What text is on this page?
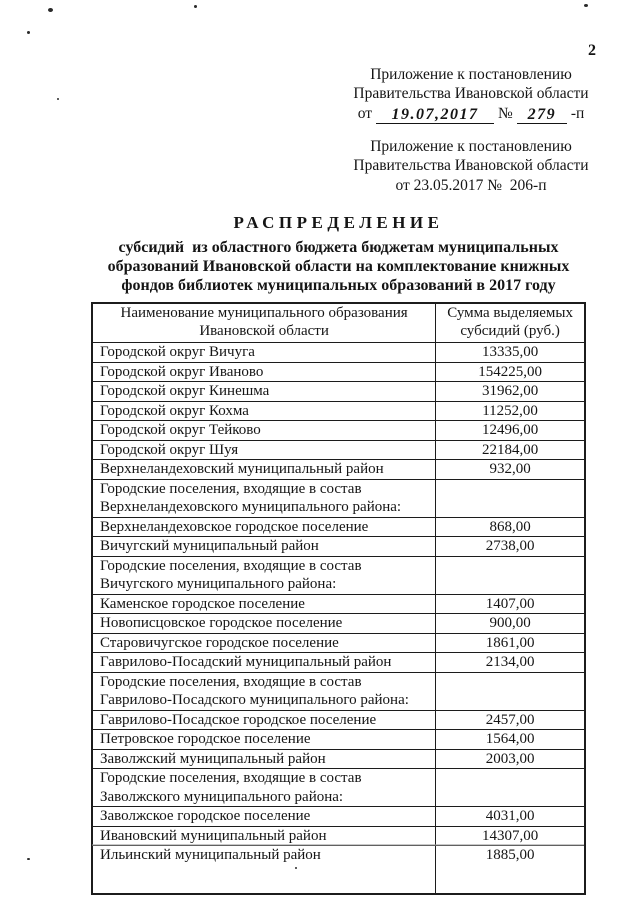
2
Приложение к постановлению
Правительства Ивановской области
от	19.07,2017	№ 279 -п
Приложение к постановлению
Правительства Ивановской области
от 23.05.2017 №  206-п
РАСПРЕДЕЛЕНИЕ
субсидий  из областного бюджета бюджетам муниципальных
образований Ивановской области на комплектование книжных
фондов библиотек муниципальных образований в 2017 году
Наименование муниципального образования Ивановской области	Сумма выделяемых субсидий (руб.)
Городской округ Вичуга	13335,00
Городской округ Иваново	154225,00
Городской округ Кинешма	31962,00
Городской округ Кохма	11252,00
Городской округ Тейково	12496,00
Городской округ Шуя	22184,00
Верхнеландеховский муниципальный район	932,00
Городские поселения, входящие в состав Верхнеландеховского муниципального района:	
Верхнеландеховское городское поселение	868,00
Вичугский муниципальный район	2738,00
Городские поселения, входящие в состав Вичугского муниципального района:	
Каменское городское поселение	1407,00
Новописцовское городское поселение	900,00
Старовичугское городское поселение	1861,00
Гаврилово-Посадский муниципальный район	2134,00
Городские поселения, входящие в состав Гаврилово-Посадского муниципального района:	
Гаврилово-Посадское городское поселение	2457,00
Петровское городское поселение	1564,00
Заволжский муниципальный район	2003,00
Городские поселения, входящие в состав Заволжского муниципального района:	
Заволжское городское поселение	4031,00
Ивановский муниципальный район	14307,00
Ильинский муниципальный район	1885,00
